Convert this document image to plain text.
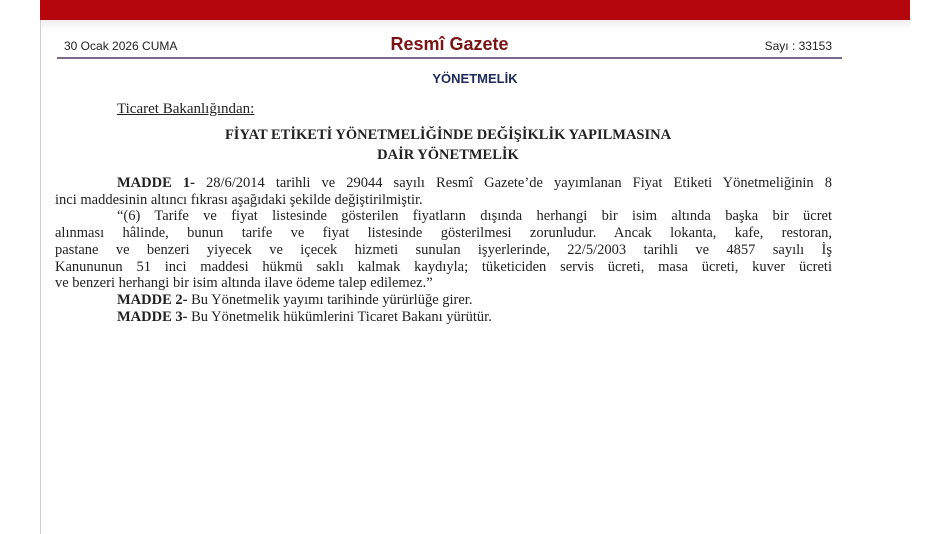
30 Ocak 2026 CUMA	Resmî Gazete	Sayı : 33153
YÖNETMELİK
Ticaret Bakanlığından:
FİYAT ETİKETİ YÖNETMELİĞİNDE DEĞİŞİKLİK YAPILMASINA
DAİR YÖNETMELİK
MADDE 1- 28/6/2014 tarihli ve 29044 sayılı Resmî Gazete’de yayımlanan Fiyat Etiketi Yönetmeliğinin 8
inci maddesinin altıncı fıkrası aşağıdaki şekilde değiştirilmiştir.
“(6) Tarife ve fiyat listesinde gösterilen fiyatların dışında herhangi bir isim altında başka bir ücret
alınması hâlinde, bunun tarife ve fiyat listesinde gösterilmesi zorunludur. Ancak lokanta, kafe, restoran,
pastane ve benzeri yiyecek ve içecek hizmeti sunulan işyerlerinde, 22/5/2003 tarihli ve 4857 sayılı İş
Kanununun 51 inci maddesi hükmü saklı kalmak kaydıyla; tüketiciden servis ücreti, masa ücreti, kuver ücreti
ve benzeri herhangi bir isim altında ilave ödeme talep edilemez.”
MADDE 2- Bu Yönetmelik yayımı tarihinde yürürlüğe girer.
MADDE 3- Bu Yönetmelik hükümlerini Ticaret Bakanı yürütür.
